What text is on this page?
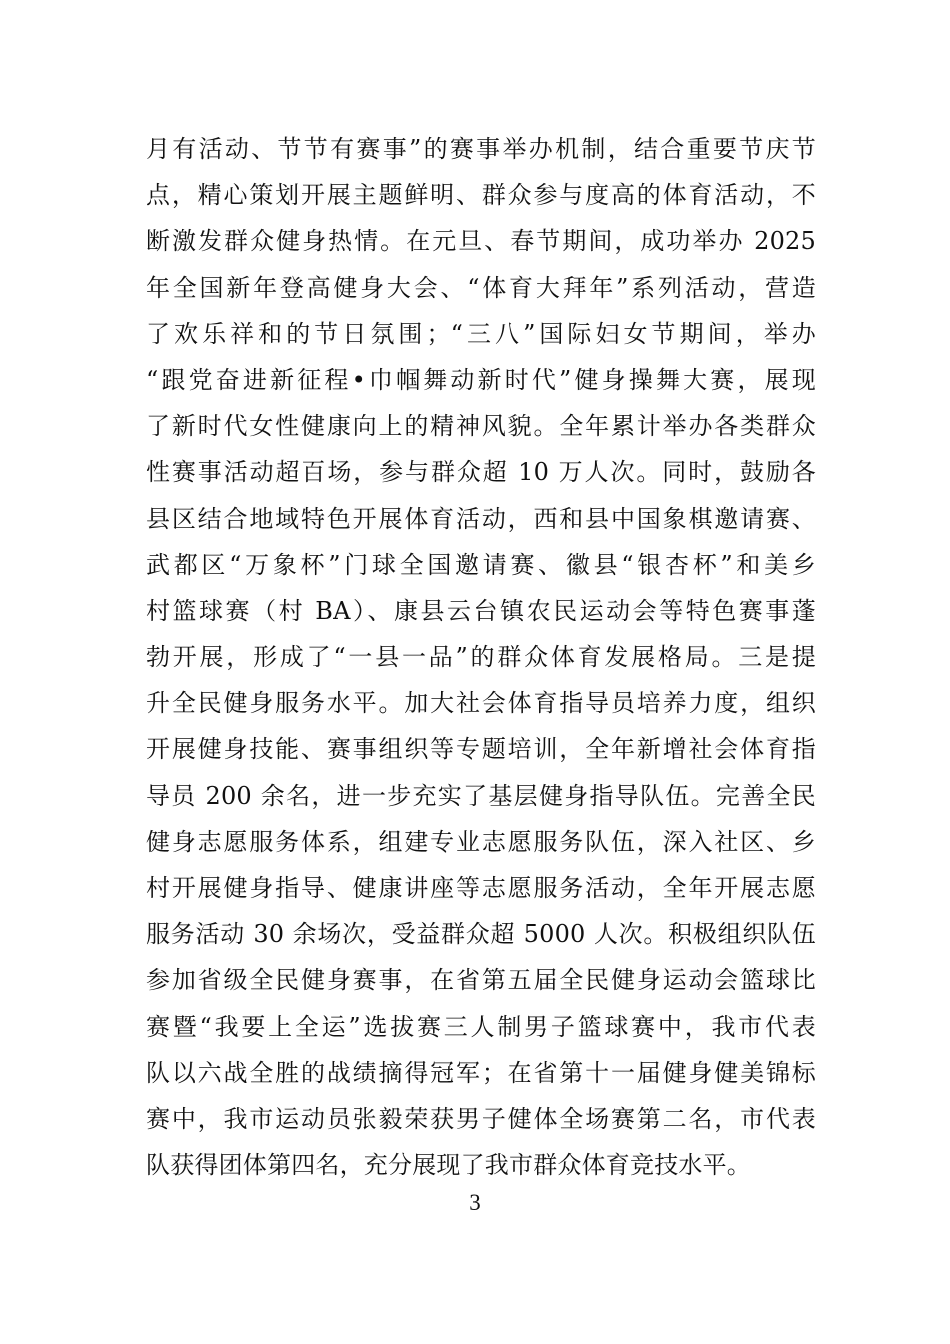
月有活动、节节有赛事”的赛事举办机制，结合重要节庆节
点，精心策划开展主题鲜明、群众参与度高的体育活动，不
断激发群众健身热情。在元旦、春节期间，成功举办 2025
年全国新年登高健身大会、“体育大拜年”系列活动，营造
了欢乐祥和的节日氛围；“三八”国际妇女节期间，举办
“跟党奋进新征程•巾帼舞动新时代”健身操舞大赛，展现
了新时代女性健康向上的精神风貌。全年累计举办各类群众
性赛事活动超百场，参与群众超 10 万人次。同时，鼓励各
县区结合地域特色开展体育活动，西和县中国象棋邀请赛、
武都区“万象杯”门球全国邀请赛、徽县“银杏杯”和美乡
村篮球赛（村 BA）、康县云台镇农民运动会等特色赛事蓬
勃开展，形成了“一县一品”的群众体育发展格局。三是提
升全民健身服务水平。加大社会体育指导员培养力度，组织
开展健身技能、赛事组织等专题培训，全年新增社会体育指
导员 200 余名，进一步充实了基层健身指导队伍。完善全民
健身志愿服务体系，组建专业志愿服务队伍，深入社区、乡
村开展健身指导、健康讲座等志愿服务活动，全年开展志愿
服务活动 30 余场次，受益群众超 5000 人次。积极组织队伍
参加省级全民健身赛事，在省第五届全民健身运动会篮球比
赛暨“我要上全运”选拔赛三人制男子篮球赛中，我市代表
队以六战全胜的战绩摘得冠军；在省第十一届健身健美锦标
赛中，我市运动员张毅荣获男子健体全场赛第二名，市代表
队获得团体第四名，充分展现了我市群众体育竞技水平。
3
